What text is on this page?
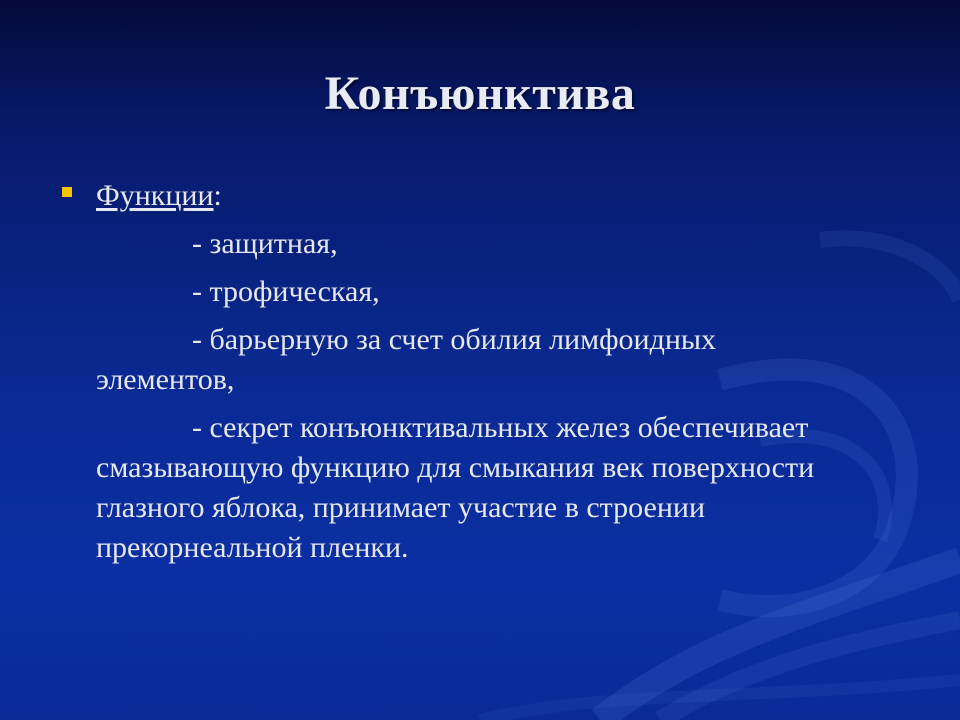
Конъюнктива
Функции:

- защитная,

- трофическая,

- барьерную за счет обилия лимфоидных элементов,

- секрет конъюнктивальных желез обеспечивает смазывающую функцию для смыкания век поверхности глазного яблока, принимает участие в строении прекорнеальной пленки.
